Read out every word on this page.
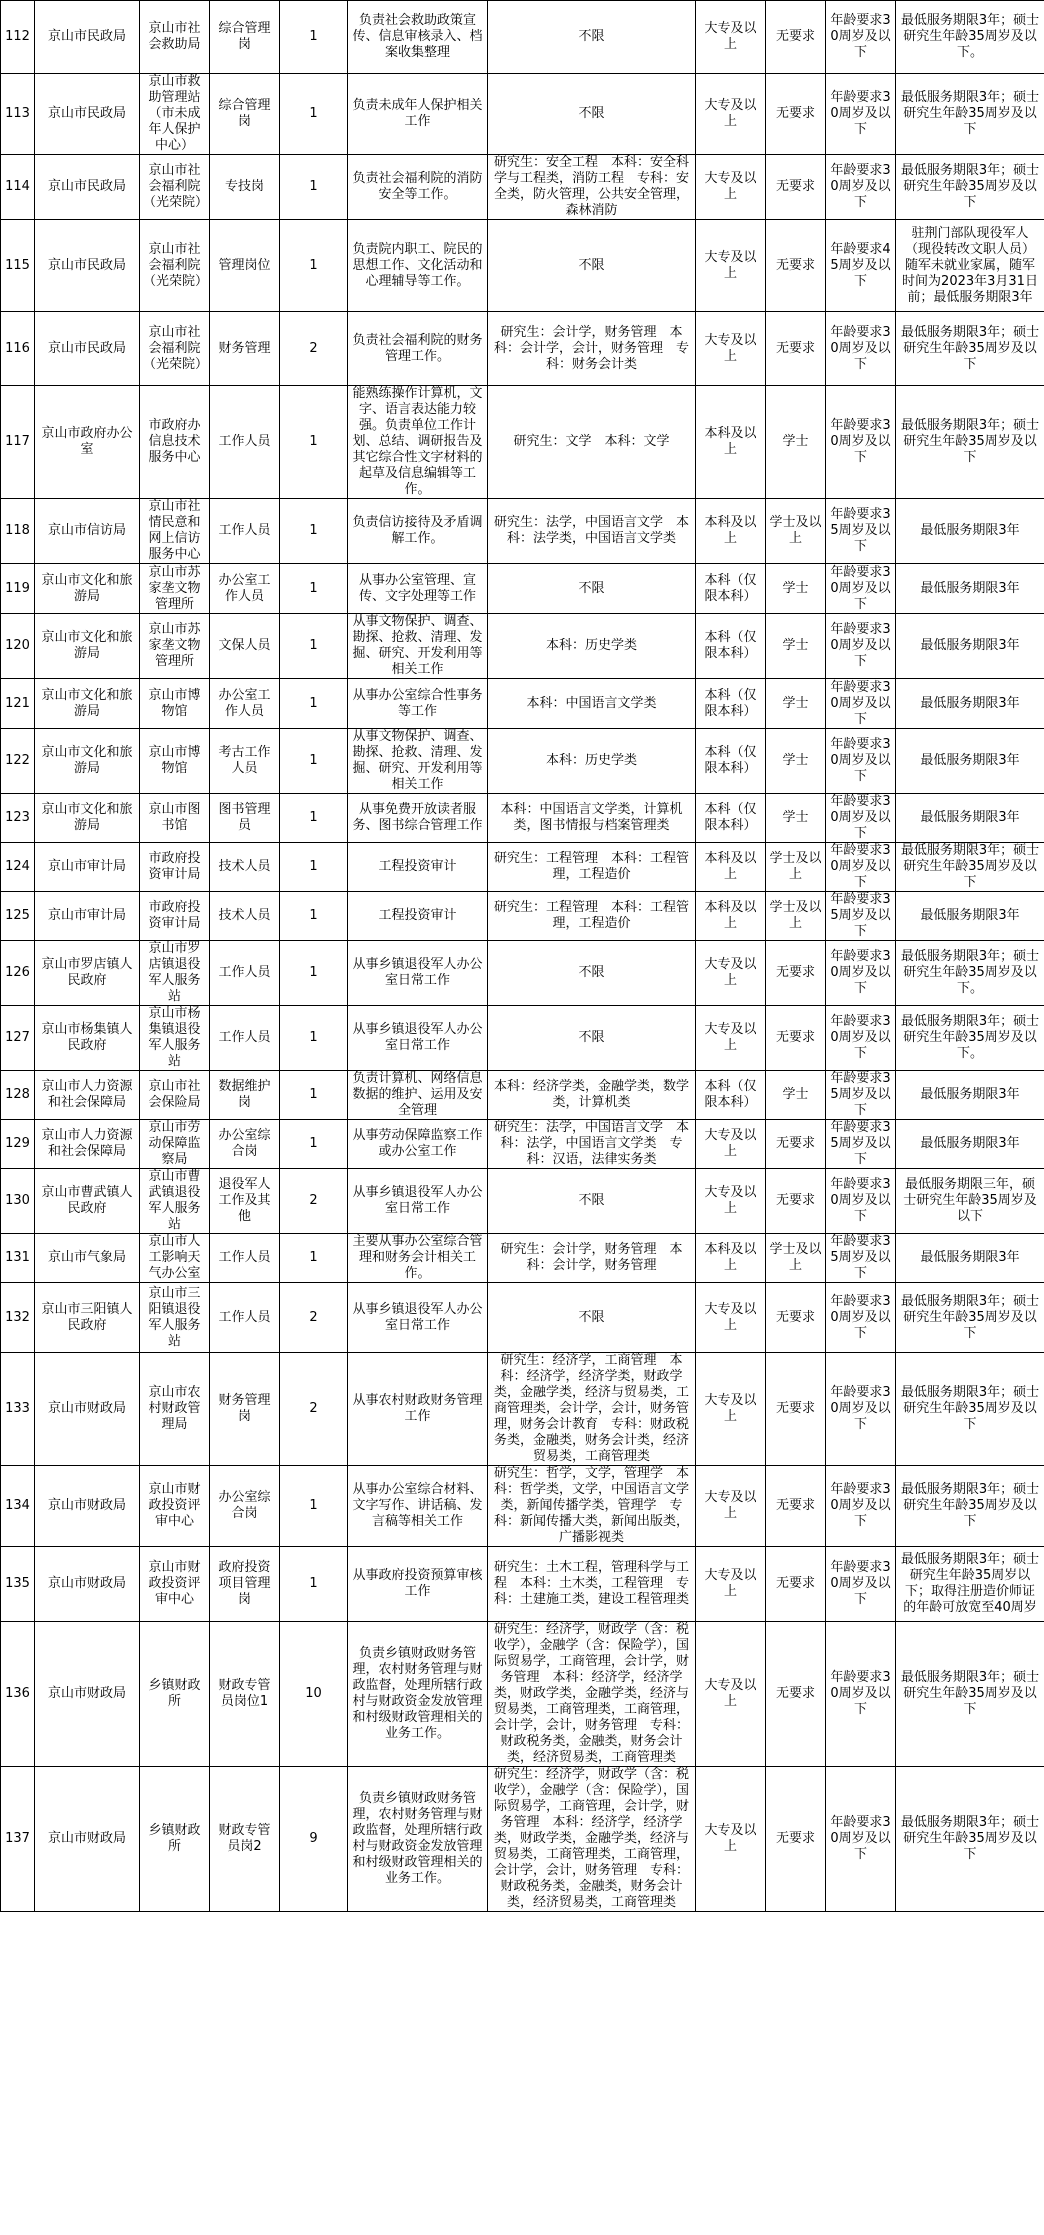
112	京山市民政局	京山市社会救助局	综合管理岗	1	负责社会救助政策宣传、信息审核录入、档案收集整理	不限	大专及以上	无要求	年龄要求30周岁及以下	最低服务期限3年；硕士研究生年龄35周岁及以下。
113	京山市民政局	京山市救助管理站（市未成年人保护中心）	综合管理岗	1	负责未成年人保护相关工作	不限	大专及以上	无要求	年龄要求30周岁及以下	最低服务期限3年；硕士研究生年龄35周岁及以下
114	京山市民政局	京山市社会福利院（光荣院）	专技岗	1	负责社会福利院的消防安全等工作。	研究生：安全工程　本科：安全科学与工程类，消防工程　专科：安全类，防火管理，公共安全管理，森林消防	大专及以上	无要求	年龄要求30周岁及以下	最低服务期限3年；硕士研究生年龄35周岁及以下
115	京山市民政局	京山市社会福利院（光荣院）	管理岗位	1	负责院内职工、院民的思想工作、文化活动和心理辅导等工作。	不限	大专及以上	无要求	年龄要求45周岁及以下	驻荆门部队现役军人（现役转改文职人员）随军未就业家属，随军时间为2023年3月31日前；最低服务期限3年
116	京山市民政局	京山市社会福利院（光荣院）	财务管理	2	负责社会福利院的财务管理工作。	研究生：会计学，财务管理　本科：会计学，会计，财务管理　专科：财务会计类	大专及以上	无要求	年龄要求30周岁及以下	最低服务期限3年；硕士研究生年龄35周岁及以下
117	京山市政府办公室	市政府办信息技术服务中心	工作人员	1	能熟练操作计算机，文字、语言表达能力较强。负责单位工作计划、总结、调研报告及其它综合性文字材料的起草及信息编辑等工作。	研究生：文学　本科：文学	本科及以上	学士	年龄要求30周岁及以下	最低服务期限3年；硕士研究生年龄35周岁及以下
118	京山市信访局	京山市社情民意和网上信访服务中心	工作人员	1	负责信访接待及矛盾调解工作。	研究生：法学，中国语言文学　本科：法学类，中国语言文学类	本科及以上	学士及以上	年龄要求35周岁及以下	最低服务期限3年
119	京山市文化和旅游局	京山市苏家垄文物管理所	办公室工作人员	1	从事办公室管理、宣传、文字处理等工作	不限	本科（仅限本科）	学士	年龄要求30周岁及以下	最低服务期限3年
120	京山市文化和旅游局	京山市苏家垄文物管理所	文保人员	1	从事文物保护、调查、勘探、抢救、清理、发掘、研究、开发利用等相关工作	本科：历史学类	本科（仅限本科）	学士	年龄要求30周岁及以下	最低服务期限3年
121	京山市文化和旅游局	京山市博物馆	办公室工作人员	1	从事办公室综合性事务等工作	本科：中国语言文学类	本科（仅限本科）	学士	年龄要求30周岁及以下	最低服务期限3年
122	京山市文化和旅游局	京山市博物馆	考古工作人员	1	从事文物保护、调查、勘探、抢救、清理、发掘、研究、开发利用等相关工作	本科：历史学类	本科（仅限本科）	学士	年龄要求30周岁及以下	最低服务期限3年
123	京山市文化和旅游局	京山市图书馆	图书管理员	1	从事免费开放读者服务、图书综合管理工作	本科：中国语言文学类，计算机类，图书情报与档案管理类	本科（仅限本科）	学士	年龄要求30周岁及以下	最低服务期限3年
124	京山市审计局	市政府投资审计局	技术人员	1	工程投资审计	研究生：工程管理　本科：工程管理，工程造价	本科及以上	学士及以上	年龄要求30周岁及以下	最低服务期限3年；硕士研究生年龄35周岁及以下
125	京山市审计局	市政府投资审计局	技术人员	1	工程投资审计	研究生：工程管理　本科：工程管理，工程造价	本科及以上	学士及以上	年龄要求35周岁及以下	最低服务期限3年
126	京山市罗店镇人民政府	京山市罗店镇退役军人服务站	工作人员	1	从事乡镇退役军人办公室日常工作	不限	大专及以上	无要求	年龄要求30周岁及以下	最低服务期限3年；硕士研究生年龄35周岁及以下。
127	京山市杨集镇人民政府	京山市杨集镇退役军人服务站	工作人员	1	从事乡镇退役军人办公室日常工作	不限	大专及以上	无要求	年龄要求30周岁及以下	最低服务期限3年；硕士研究生年龄35周岁及以下。
128	京山市人力资源和社会保障局	京山市社会保险局	数据维护岗	1	负责计算机、网络信息数据的维护、运用及安全管理	本科：经济学类，金融学类，数学类，计算机类	本科（仅限本科）	学士	年龄要求35周岁及以下	最低服务期限3年
129	京山市人力资源和社会保障局	京山市劳动保障监察局	办公室综合岗	1	从事劳动保障监察工作或办公室工作	研究生：法学，中国语言文学　本科：法学，中国语言文学类　专科：汉语，法律实务类	大专及以上	无要求	年龄要求35周岁及以下	最低服务期限3年
130	京山市曹武镇人民政府	京山市曹武镇退役军人服务站	退役军人工作及其他	2	从事乡镇退役军人办公室日常工作	不限	大专及以上	无要求	年龄要求30周岁及以下	最低服务期限三年，硕士研究生年龄35周岁及以下
131	京山市气象局	京山市人工影响天气办公室	工作人员	1	主要从事办公室综合管理和财务会计相关工作。	研究生：会计学，财务管理　本科：会计学，财务管理	本科及以上	学士及以上	年龄要求35周岁及以下	最低服务期限3年
132	京山市三阳镇人民政府	京山市三阳镇退役军人服务站	工作人员	2	从事乡镇退役军人办公室日常工作	不限	大专及以上	无要求	年龄要求30周岁及以下	最低服务期限3年；硕士研究生年龄35周岁及以下
133	京山市财政局	京山市农村财政管理局	财务管理岗	2	从事农村财政财务管理工作	研究生：经济学，工商管理　本科：经济学，经济学类，财政学类，金融学类，经济与贸易类，工商管理类，会计学，会计，财务管理，财务会计教育　专科：财政税务类，金融类，财务会计类，经济贸易类，工商管理类	大专及以上	无要求	年龄要求30周岁及以下	最低服务期限3年；硕士研究生年龄35周岁及以下
134	京山市财政局	京山市财政投资评审中心	办公室综合岗	1	从事办公室综合材料、文字写作、讲话稿、发言稿等相关工作	研究生：哲学，文学，管理学　本科：哲学类，文学，中国语言文学类，新闻传播学类，管理学　专科：新闻传播大类，新闻出版类，广播影视类	大专及以上	无要求	年龄要求30周岁及以下	最低服务期限3年；硕士研究生年龄35周岁及以下
135	京山市财政局	京山市财政投资评审中心	政府投资项目管理岗	1	从事政府投资预算审核工作	研究生：土木工程，管理科学与工程　本科：土木类，工程管理　专科：土建施工类，建设工程管理类	大专及以上	无要求	年龄要求30周岁及以下	最低服务期限3年；硕士研究生年龄35周岁以下；取得注册造价师证的年龄可放宽至40周岁
136	京山市财政局	乡镇财政所	财政专管员岗位1	10	负责乡镇财政财务管理，农村财务管理与财政监督，处理所辖行政村与财政资金发放管理和村级财政管理相关的业务工作。	研究生：经济学，财政学（含：税收学），金融学（含：保险学），国际贸易学，工商管理，会计学，财务管理　本科：经济学，经济学类，财政学类，金融学类，经济与贸易类，工商管理类，工商管理，会计学，会计，财务管理　专科：财政税务类，金融类，财务会计类，经济贸易类，工商管理类	大专及以上	无要求	年龄要求30周岁及以下	最低服务期限3年；硕士研究生年龄35周岁及以下
137	京山市财政局	乡镇财政所	财政专管员岗2	9	负责乡镇财政财务管理，农村财务管理与财政监督，处理所辖行政村与财政资金发放管理和村级财政管理相关的业务工作。	研究生：经济学，财政学（含：税收学），金融学（含：保险学），国际贸易学，工商管理，会计学，财务管理　本科：经济学，经济学类，财政学类，金融学类，经济与贸易类，工商管理类，工商管理，会计学，会计，财务管理　专科：财政税务类，金融类，财务会计类，经济贸易类，工商管理类	大专及以上	无要求	年龄要求30周岁及以下	最低服务期限3年；硕士研究生年龄35周岁及以下
